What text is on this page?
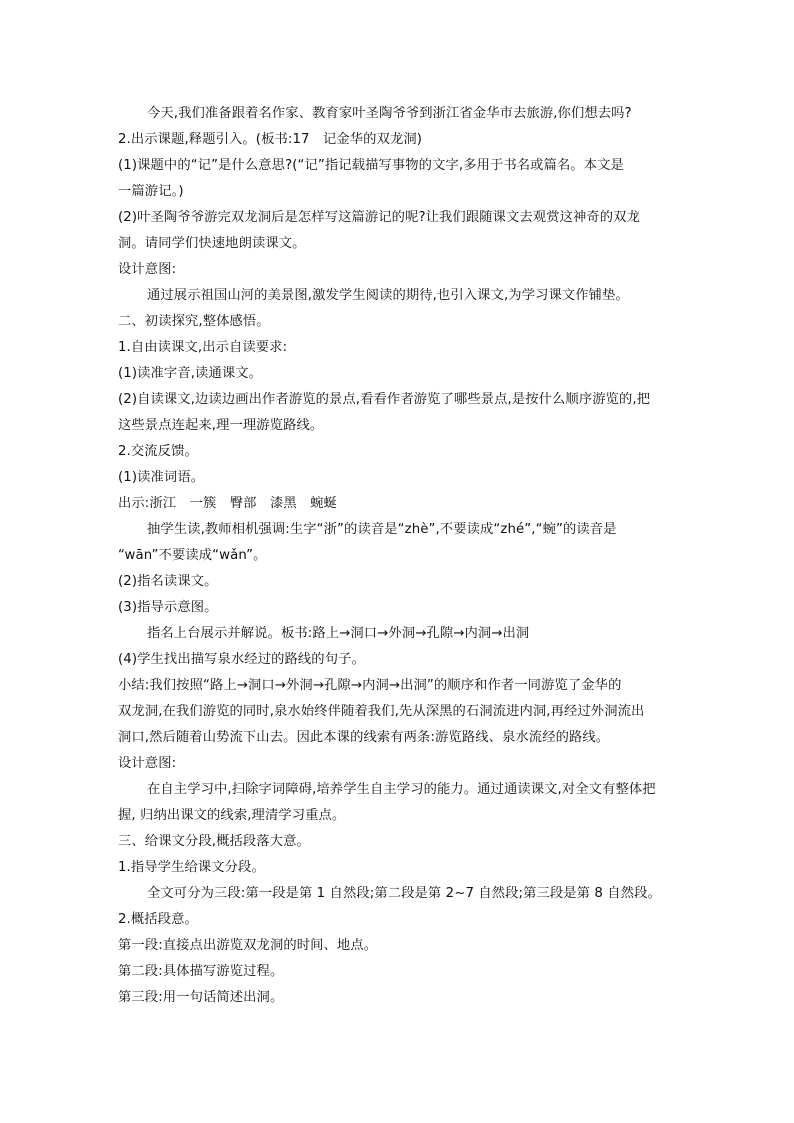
今天,我们准备跟着名作家、教育家叶圣陶爷爷到浙江省金华市去旅游,你们想去吗?
2.出示课题,释题引入。(板书:17　记金华的双龙洞)
(1)课题中的“记”是什么意思?(“记”指记载描写事物的文字,多用于书名或篇名。本文是
一篇游记。)
(2)叶圣陶爷爷游完双龙洞后是怎样写这篇游记的呢?让我们跟随课文去观赏这神奇的双龙
洞。请同学们快速地朗读课文。
设计意图:
通过展示祖国山河的美景图,激发学生阅读的期待,也引入课文,为学习课文作铺垫。
二、初读探究,整体感悟。
1.自由读课文,出示自读要求:
(1)读准字音,读通课文。
(2)自读课文,边读边画出作者游览的景点,看看作者游览了哪些景点,是按什么顺序游览的,把
这些景点连起来,理一理游览路线。
2.交流反馈。
(1)读准词语。
出示:浙江　一簇　臀部　漆黑　蜿蜒
抽学生读,教师相机强调:生字“浙”的读音是“zhè”,不要读成“zhé”,“蜿”的读音是
“wān”不要读成“wǎn”。
(2)指名读课文。
(3)指导示意图。
指名上台展示并解说。板书:路上→洞口→外洞→孔隙→内洞→出洞
(4)学生找出描写泉水经过的路线的句子。
小结:我们按照“路上→洞口→外洞→孔隙→内洞→出洞”的顺序和作者一同游览了金华的
双龙洞,在我们游览的同时,泉水始终伴随着我们,先从深黑的石洞流进内洞,再经过外洞流出
洞口,然后随着山势流下山去。因此本课的线索有两条:游览路线、泉水流经的路线。
设计意图:
在自主学习中,扫除字词障碍,培养学生自主学习的能力。通过通读课文,对全文有整体把
握, 归纳出课文的线索,理清学习重点。
三、给课文分段,概括段落大意。
1.指导学生给课文分段。
全文可分为三段:第一段是第 1 自然段;第二段是第 2~7 自然段;第三段是第 8 自然段。
2.概括段意。
第一段:直接点出游览双龙洞的时间、地点。
第二段:具体描写游览过程。
第三段:用一句话简述出洞。
